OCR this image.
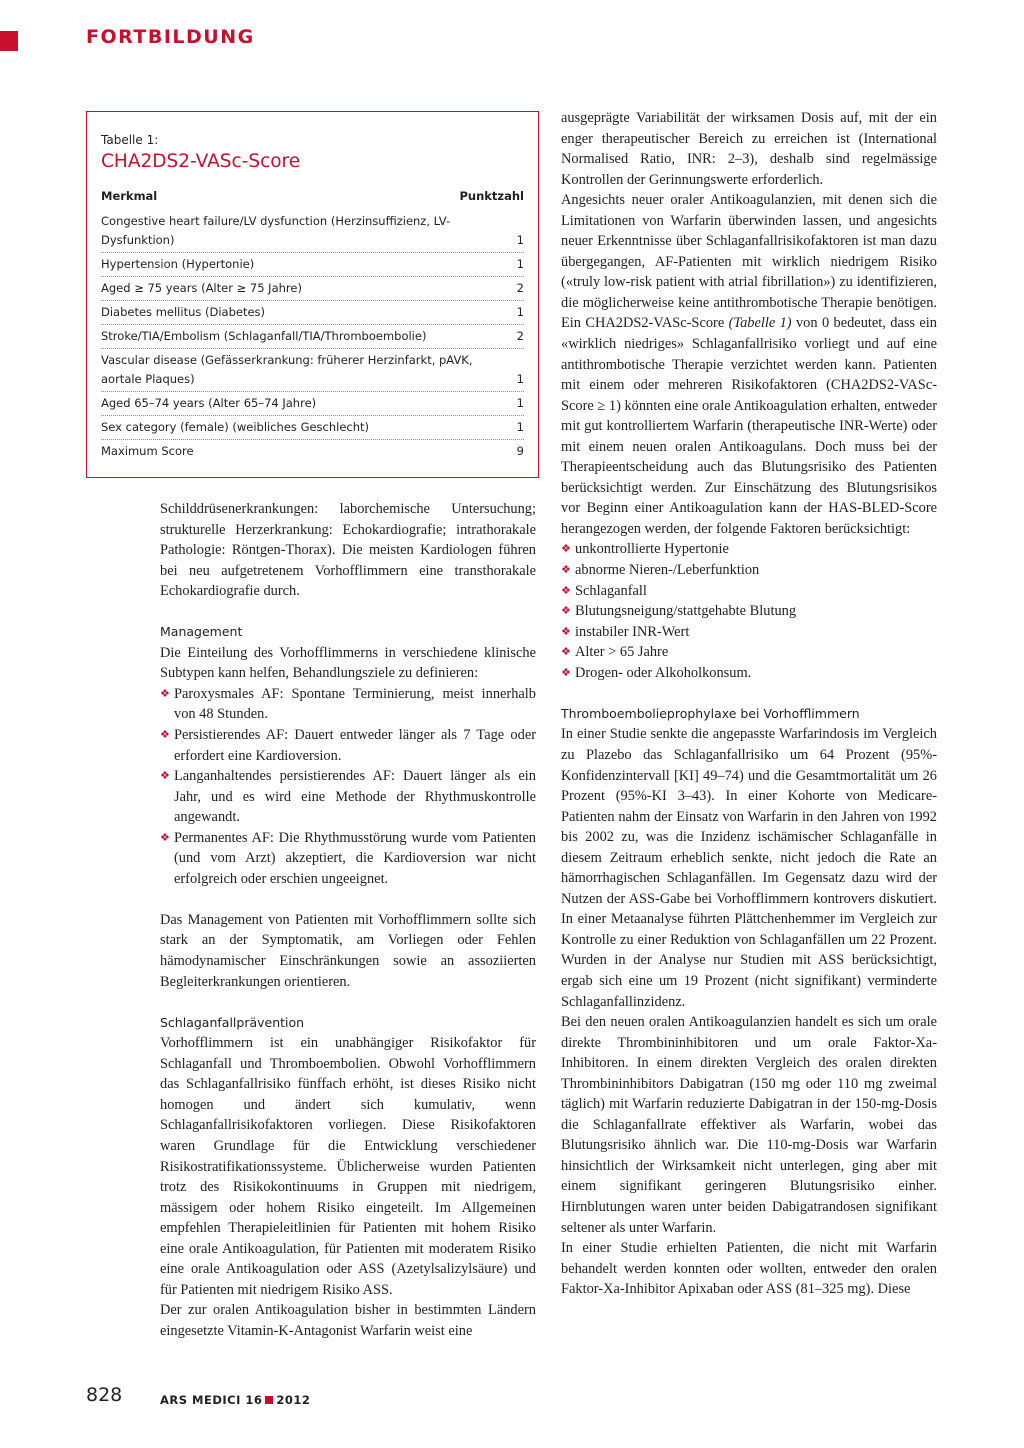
FORTBILDUNG

Tabelle 1:

CHA2DS2-VASc-Score

Merkmal	Punktzahl
Congestive heart failure/LV dysfunction (Herzinsuffizienz, LV-Dysfunktion)	1
Hypertension (Hypertonie)	1
Aged ≥ 75 years (Alter ≥ 75 Jahre)	2
Diabetes mellitus (Diabetes)	1
Stroke/TIA/Embolism (Schlaganfall/TIA/Thromboembolie)	2
Vascular disease (Gefässerkrankung: früherer Herzinfarkt, pAVK, aortale Plaques)	1
Aged 65–74 years (Alter 65–74 Jahre)	1
Sex category (female) (weibliches Geschlecht)	1
Maximum Score	9

Schilddrüsenerkrankungen: laborchemische Untersuchung; strukturelle Herzerkrankung: Echokardiografie; intrathorakale Pathologie: Röntgen-Thorax). Die meisten Kardiologen führen bei neu aufgetretenem Vorhofflimmern eine transthorakale Echokardiografie durch.

Management

Die Einteilung des Vorhofflimmerns in verschiedene klinische Subtypen kann helfen, Behandlungsziele zu definieren:

❖ Paroxysmales AF: Spontane Terminierung, meist innerhalb von 48 Stunden.
❖ Persistierendes AF: Dauert entweder länger als 7 Tage oder erfordert eine Kardioversion.
❖ Langanhaltendes persistierendes AF: Dauert länger als ein Jahr, und es wird eine Methode der Rhythmuskontrolle angewandt.
❖ Permanentes AF: Die Rhythmusstörung wurde vom Patienten (und vom Arzt) akzeptiert, die Kardioversion war nicht erfolgreich oder erschien ungeeignet.

Das Management von Patienten mit Vorhofflimmern sollte sich stark an der Symptomatik, am Vorliegen oder Fehlen hämodynamischer Einschränkungen sowie an assoziierten Begleiterkrankungen orientieren.

Schlaganfallprävention

Vorhofflimmern ist ein unabhängiger Risikofaktor für Schlaganfall und Thromboembolien. Obwohl Vorhofflimmern das Schlaganfallrisiko fünffach erhöht, ist dieses Risiko nicht homogen und ändert sich kumulativ, wenn Schlaganfallrisikofaktoren vorliegen. Diese Risikofaktoren waren Grundlage für die Entwicklung verschiedener Risikostratifikationssysteme. Üblicherweise wurden Patienten trotz des Risikokontinuums in Gruppen mit niedrigem, mässigem oder hohem Risiko eingeteilt. Im Allgemeinen empfehlen Therapieleitlinien für Patienten mit hohem Risiko eine orale Antikoagulation, für Patienten mit moderatem Risiko eine orale Antikoagulation oder ASS (Azetylsalizylsäure) und für Patienten mit niedrigem Risiko ASS.

Der zur oralen Antikoagulation bisher in bestimmten Ländern eingesetzte Vitamin-K-Antagonist Warfarin weist eine

ausgeprägte Variabilität der wirksamen Dosis auf, mit der ein enger therapeutischer Bereich zu erreichen ist (International Normalised Ratio, INR: 2–3), deshalb sind regelmässige Kontrollen der Gerinnungswerte erforderlich.

Angesichts neuer oraler Antikoagulanzien, mit denen sich die Limitationen von Warfarin überwinden lassen, und angesichts neuer Erkenntnisse über Schlaganfallrisikofaktoren ist man dazu übergegangen, AF-Patienten mit wirklich niedrigem Risiko («truly low-risk patient with atrial fibrillation») zu identifizieren, die möglicherweise keine antithrombotische Therapie benötigen. Ein CHA2DS2-VASc-Score (Tabelle 1) von 0 bedeutet, dass ein «wirklich niedriges» Schlaganfallrisiko vorliegt und auf eine antithrombotische Therapie verzichtet werden kann. Patienten mit einem oder mehreren Risikofaktoren (CHA2DS2-VASc-Score ≥ 1) könnten eine orale Antikoagulation erhalten, entweder mit gut kontrolliertem Warfarin (therapeutische INR-Werte) oder mit einem neuen oralen Antikoagulans. Doch muss bei der Therapieentscheidung auch das Blutungsrisiko des Patienten berücksichtigt werden. Zur Einschätzung des Blutungsrisikos vor Beginn einer Antikoagulation kann der HAS-BLED-Score herangezogen werden, der folgende Faktoren berücksichtigt:

❖ unkontrollierte Hypertonie
❖ abnorme Nieren-/Leberfunktion
❖ Schlaganfall
❖ Blutungsneigung/stattgehabte Blutung
❖ instabiler INR-Wert
❖ Alter > 65 Jahre
❖ Drogen- oder Alkoholkonsum.
Thromboembolieprophylaxe bei Vorhofflimmern

In einer Studie senkte die angepasste Warfarindosis im Vergleich zu Plazebo das Schlaganfallrisiko um 64 Prozent (95%-Konfidenzintervall [KI] 49–74) und die Gesamtmortalität um 26 Prozent (95%-KI 3–43). In einer Kohorte von Medicare-Patienten nahm der Einsatz von Warfarin in den Jahren von 1992 bis 2002 zu, was die Inzidenz ischämischer Schlaganfälle in diesem Zeitraum erheblich senkte, nicht jedoch die Rate an hämorrhagischen Schlaganfällen. Im Gegensatz dazu wird der Nutzen der ASS-Gabe bei Vorhofflimmern kontrovers diskutiert. In einer Metaanalyse führten Plättchenhemmer im Vergleich zur Kontrolle zu einer Reduktion von Schlaganfällen um 22 Prozent. Wurden in der Analyse nur Studien mit ASS berücksichtigt, ergab sich eine um 19 Prozent (nicht signifikant) verminderte Schlaganfallinzidenz.

Bei den neuen oralen Antikoagulanzien handelt es sich um orale direkte Thrombininhibitoren und um orale Faktor-Xa-Inhibitoren. In einem direkten Vergleich des oralen direkten Thrombininhibitors Dabigatran (150 mg oder 110 mg zweimal täglich) mit Warfarin reduzierte Dabigatran in der 150-mg-Dosis die Schlaganfallrate effektiver als Warfarin, wobei das Blutungsrisiko ähnlich war. Die 110-mg-Dosis war Warfarin hinsichtlich der Wirksamkeit nicht unterlegen, ging aber mit einem signifikant geringeren Blutungsrisiko einher. Hirnblutungen waren unter beiden Dabigatrandosen signifikant seltener als unter Warfarin.

In einer Studie erhielten Patienten, die nicht mit Warfarin behandelt werden konnten oder wollten, entweder den oralen Faktor-Xa-Inhibitor Apixaban oder ASS (81–325 mg). Diese

828	ARS MEDICI 16 2012
